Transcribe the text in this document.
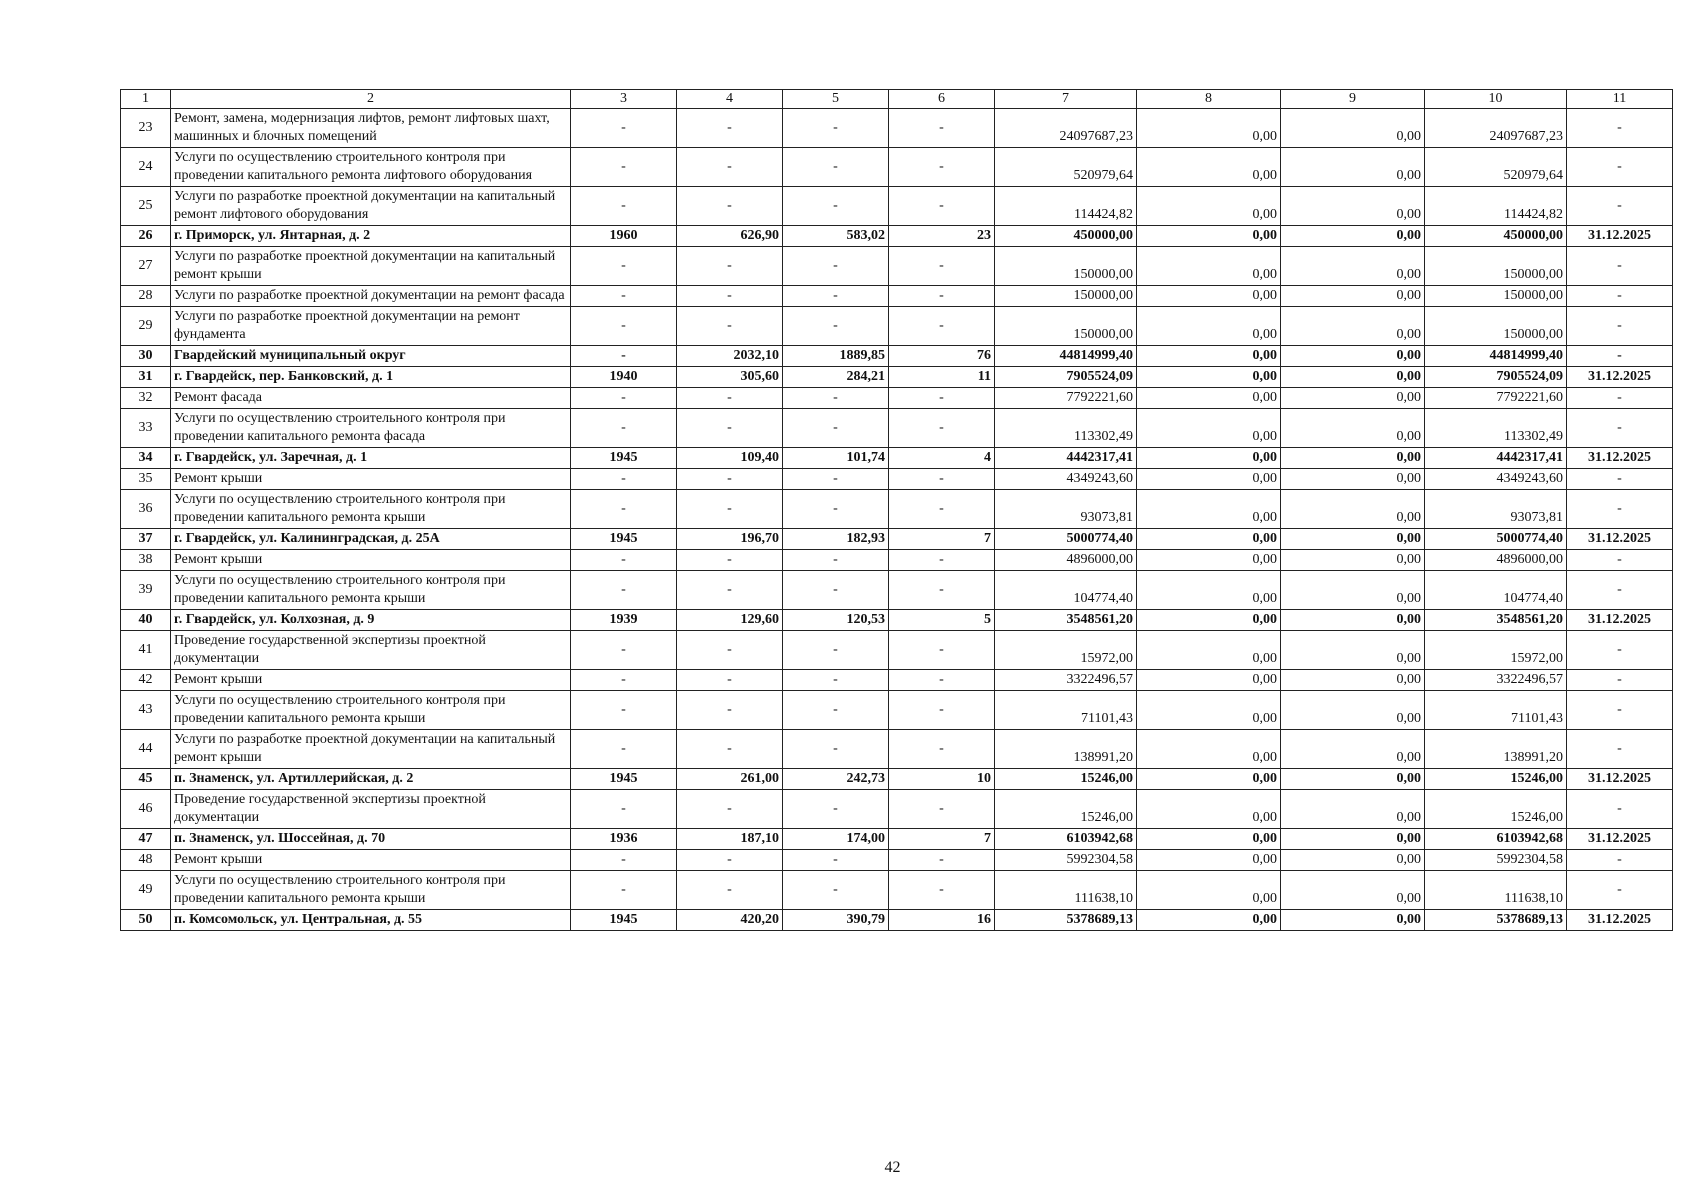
1	2	3	4	5	6	7	8	9	10	11
23	Ремонт, замена, модернизация лифтов, ремонт лифтовых шахт, машинных и блочных помещений	-	-	-	-	24097687,23	0,00	0,00	24097687,23	-
24	Услуги по осуществлению строительного контроля при проведении капитального ремонта лифтового оборудования	-	-	-	-	520979,64	0,00	0,00	520979,64	-
25	Услуги по разработке проектной документации на капитальный ремонт лифтового оборудования	-	-	-	-	114424,82	0,00	0,00	114424,82	-
26	г. Приморск, ул. Янтарная, д. 2	1960	626,90	583,02	23	450000,00	0,00	0,00	450000,00	31.12.2025
27	Услуги по разработке проектной документации на капитальный ремонт крыши	-	-	-	-	150000,00	0,00	0,00	150000,00	-
28	Услуги по разработке проектной документации на ремонт фасада	-	-	-	-	150000,00	0,00	0,00	150000,00	-
29	Услуги по разработке проектной документации на ремонт фундамента	-	-	-	-	150000,00	0,00	0,00	150000,00	-
30	Гвардейский муниципальный округ	-	2032,10	1889,85	76	44814999,40	0,00	0,00	44814999,40	-
31	г. Гвардейск, пер. Банковский, д. 1	1940	305,60	284,21	11	7905524,09	0,00	0,00	7905524,09	31.12.2025
32	Ремонт фасада	-	-	-	-	7792221,60	0,00	0,00	7792221,60	-
33	Услуги по осуществлению строительного контроля при проведении капитального ремонта фасада	-	-	-	-	113302,49	0,00	0,00	113302,49	-
34	г. Гвардейск, ул. Заречная, д. 1	1945	109,40	101,74	4	4442317,41	0,00	0,00	4442317,41	31.12.2025
35	Ремонт крыши	-	-	-	-	4349243,60	0,00	0,00	4349243,60	-
36	Услуги по осуществлению строительного контроля при проведении капитального ремонта крыши	-	-	-	-	93073,81	0,00	0,00	93073,81	-
37	г. Гвардейск, ул. Калининградская, д. 25А	1945	196,70	182,93	7	5000774,40	0,00	0,00	5000774,40	31.12.2025
38	Ремонт крыши	-	-	-	-	4896000,00	0,00	0,00	4896000,00	-
39	Услуги по осуществлению строительного контроля при проведении капитального ремонта крыши	-	-	-	-	104774,40	0,00	0,00	104774,40	-
40	г. Гвардейск, ул. Колхозная, д. 9	1939	129,60	120,53	5	3548561,20	0,00	0,00	3548561,20	31.12.2025
41	Проведение государственной экспертизы проектной документации	-	-	-	-	15972,00	0,00	0,00	15972,00	-
42	Ремонт крыши	-	-	-	-	3322496,57	0,00	0,00	3322496,57	-
43	Услуги по осуществлению строительного контроля при проведении капитального ремонта крыши	-	-	-	-	71101,43	0,00	0,00	71101,43	-
44	Услуги по разработке проектной документации на капитальный ремонт крыши	-	-	-	-	138991,20	0,00	0,00	138991,20	-
45	п. Знаменск, ул. Артиллерийская, д. 2	1945	261,00	242,73	10	15246,00	0,00	0,00	15246,00	31.12.2025
46	Проведение государственной экспертизы проектной документации	-	-	-	-	15246,00	0,00	0,00	15246,00	-
47	п. Знаменск, ул. Шоссейная, д. 70	1936	187,10	174,00	7	6103942,68	0,00	0,00	6103942,68	31.12.2025
48	Ремонт крыши	-	-	-	-	5992304,58	0,00	0,00	5992304,58	-
49	Услуги по осуществлению строительного контроля при проведении капитального ремонта крыши	-	-	-	-	111638,10	0,00	0,00	111638,10	-
50	п. Комсомольск, ул. Центральная, д. 55	1945	420,20	390,79	16	5378689,13	0,00	0,00	5378689,13	31.12.2025
42
